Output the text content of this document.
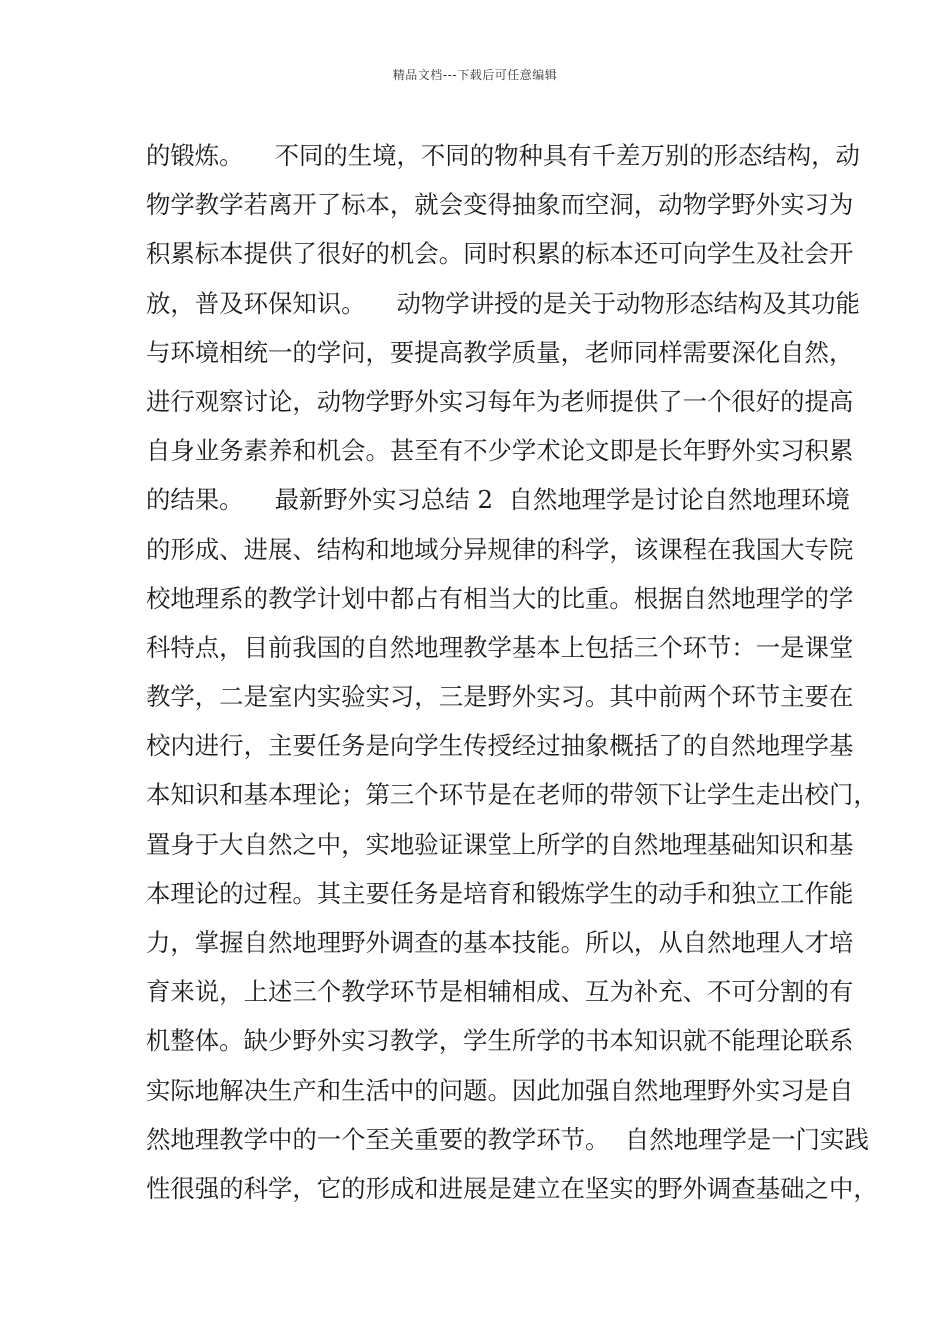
精品文档---下载后可任意编辑
的锻炼。    不同的生境，不同的物种具有千差万别的形态结构，动
物学教学若离开了标本，就会变得抽象而空洞，动物学野外实习为
积累标本提供了很好的机会。同时积累的标本还可向学生及社会开
放，普及环保知识。    动物学讲授的是关于动物形态结构及其功能
与环境相统一的学问，要提高教学质量，老师同样需要深化自然，
进行观察讨论，动物学野外实习每年为老师提供了一个很好的提高
自身业务素养和机会。甚至有不少学术论文即是长年野外实习积累
的结果。    最新野外实习总结 2  自然地理学是讨论自然地理环境
的形成、进展、结构和地域分异规律的科学，该课程在我国大专院
校地理系的教学计划中都占有相当大的比重。根据自然地理学的学
科特点，目前我国的自然地理教学基本上包括三个环节：一是课堂
教学，二是室内实验实习，三是野外实习。其中前两个环节主要在
校内进行，主要任务是向学生传授经过抽象概括了的自然地理学基
本知识和基本理论；第三个环节是在老师的带领下让学生走出校门，
置身于大自然之中，实地验证课堂上所学的自然地理基础知识和基
本理论的过程。其主要任务是培育和锻炼学生的动手和独立工作能
力，掌握自然地理野外调查的基本技能。所以，从自然地理人才培
育来说，上述三个教学环节是相辅相成、互为补充、不可分割的有
机整体。缺少野外实习教学，学生所学的书本知识就不能理论联系
实际地解决生产和生活中的问题。因此加强自然地理野外实习是自
然地理教学中的一个至关重要的教学环节。  自然地理学是一门实践
性很强的科学，它的形成和进展是建立在坚实的野外调查基础之中，
